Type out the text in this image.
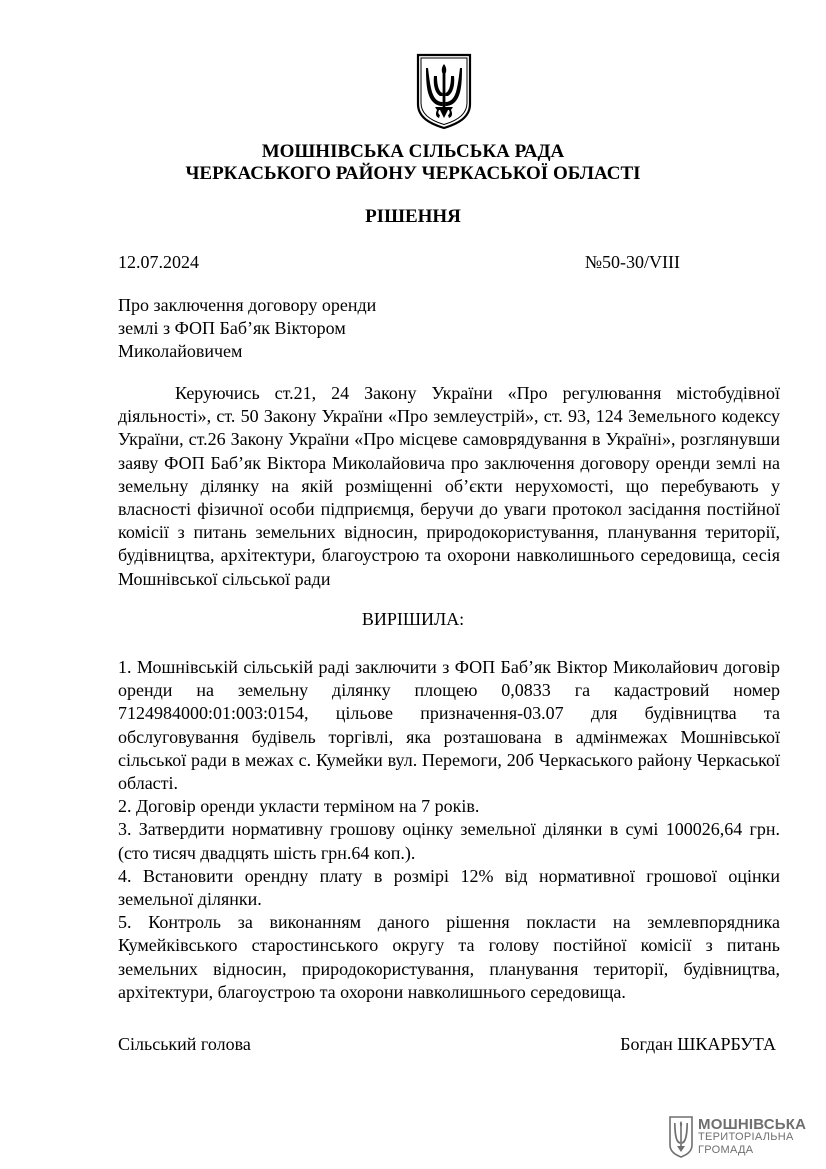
МОШНІВСЬКА СІЛЬСЬКА РАДА
ЧЕРКАСЬКОГО РАЙОНУ ЧЕРКАСЬКОЇ ОБЛАСТІ
РІШЕННЯ
12.07.2024	№50-30/VIII
Про заключення договору оренди
землі з ФОП Баб’як Віктором
Миколайовичем

Керуючись ст.21, 24 Закону України «Про регулювання містобудівної діяльності», ст. 50 Закону України «Про землеустрій», ст. 93, 124 Земельного кодексу України, ст.26 Закону України «Про місцеве самоврядування в Україні», розглянувши заяву ФОП Баб’як Віктора Миколайовича про заключення договору оренди землі на земельну ділянку на якій розміщенні об’єкти нерухомості, що перебувають у власності фізичної особи підприємця, беручи до уваги протокол засідання постійної комісії з питань земельних відносин, природокористування, планування території, будівництва, архітектури, благоустрою та охорони навколишнього середовища, сесія Мошнівської сільської ради

ВИРІШИЛА:

1. Мошнівській сільській раді заключити з ФОП Баб’як Віктор Миколайович договір оренди на земельну ділянку площею 0,0833 га кадастровий номер 7124984000:01:003:0154, цільове призначення-03.07 для будівництва та обслуговування будівель торгівлі, яка розташована в адмінмежах Мошнівської сільської ради в межах с. Кумейки вул. Перемоги, 20б Черкаського району Черкаської області.

2. Договір оренди укласти терміном на 7 років.

3. Затвердити нормативну грошову оцінку земельної ділянки в сумі 100026,64 грн. (сто тисяч двадцять шість грн.64 коп.).

4. Встановити орендну плату в розмірі 12% від нормативної грошової оцінки земельної ділянки.

5. Контроль за виконанням даного рішення покласти на землевпорядника Кумейківського старостинського округу та голову постійної комісії з питань земельних відносин, природокористування, планування території, будівництва, архітектури, благоустрою та охорони навколишнього середовища.

Сільський голова	Богдан ШКАРБУТА
МОШНІВСЬКА
ТЕРИТОРІАЛЬНА
ГРОМАДА
